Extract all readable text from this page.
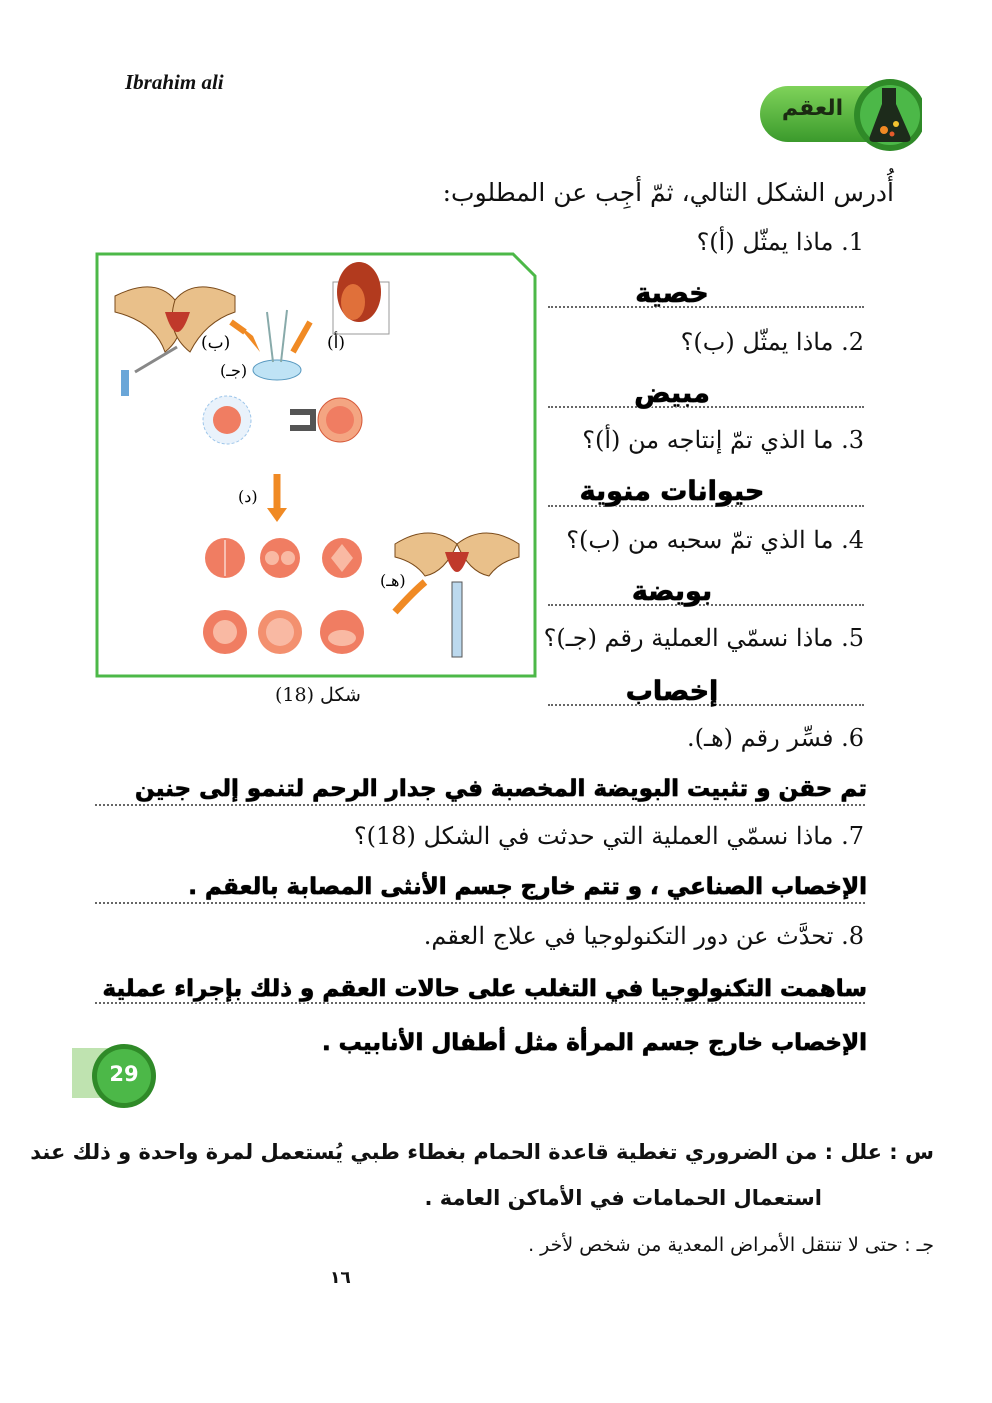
Ibrahim ali
العقم
أُدرس الشكل التالي، ثمّ أجِب عن المطلوب:
(ب)	(أ)
(جـ)
(د)
(هـ)
شكل (18)
1. ماذا يمثّل (أ)؟
خصية
2. ماذا يمثّل (ب)؟
مبيض
3. ما الذي تمّ إنتاجه من (أ)؟
حيوانات منوية
4. ما الذي تمّ سحبه من (ب)؟
بويضة
5. ماذا نسمّي العملية رقم (جـ)؟
إخصاب
6. فسِّر رقم (هـ).
تم حقن و تثبيت البويضة المخصبة في جدار الرحم لتنمو إلى جنين
7. ماذا نسمّي العملية التي حدثت في الشكل (18)؟
الإخصاب الصناعي ، و تتم خارج جسم الأنثى المصابة بالعقم .
8. تحدَّث عن دور التكنولوجيا في علاج العقم.
ساهمت التكنولوجيا في التغلب على حالات العقم و ذلك بإجراء عملية
الإخصاب خارج جسم المرأة مثل أطفال الأنابيب .
29
س : علل : من الضروري تغطية قاعدة الحمام بغطاء طبي يُستعمل لمرة واحدة و ذلك عند
استعمال الحمامات في الأماكن العامة .
جـ : حتى لا تنتقل الأمراض المعدية من شخص لأخر .
١٦
